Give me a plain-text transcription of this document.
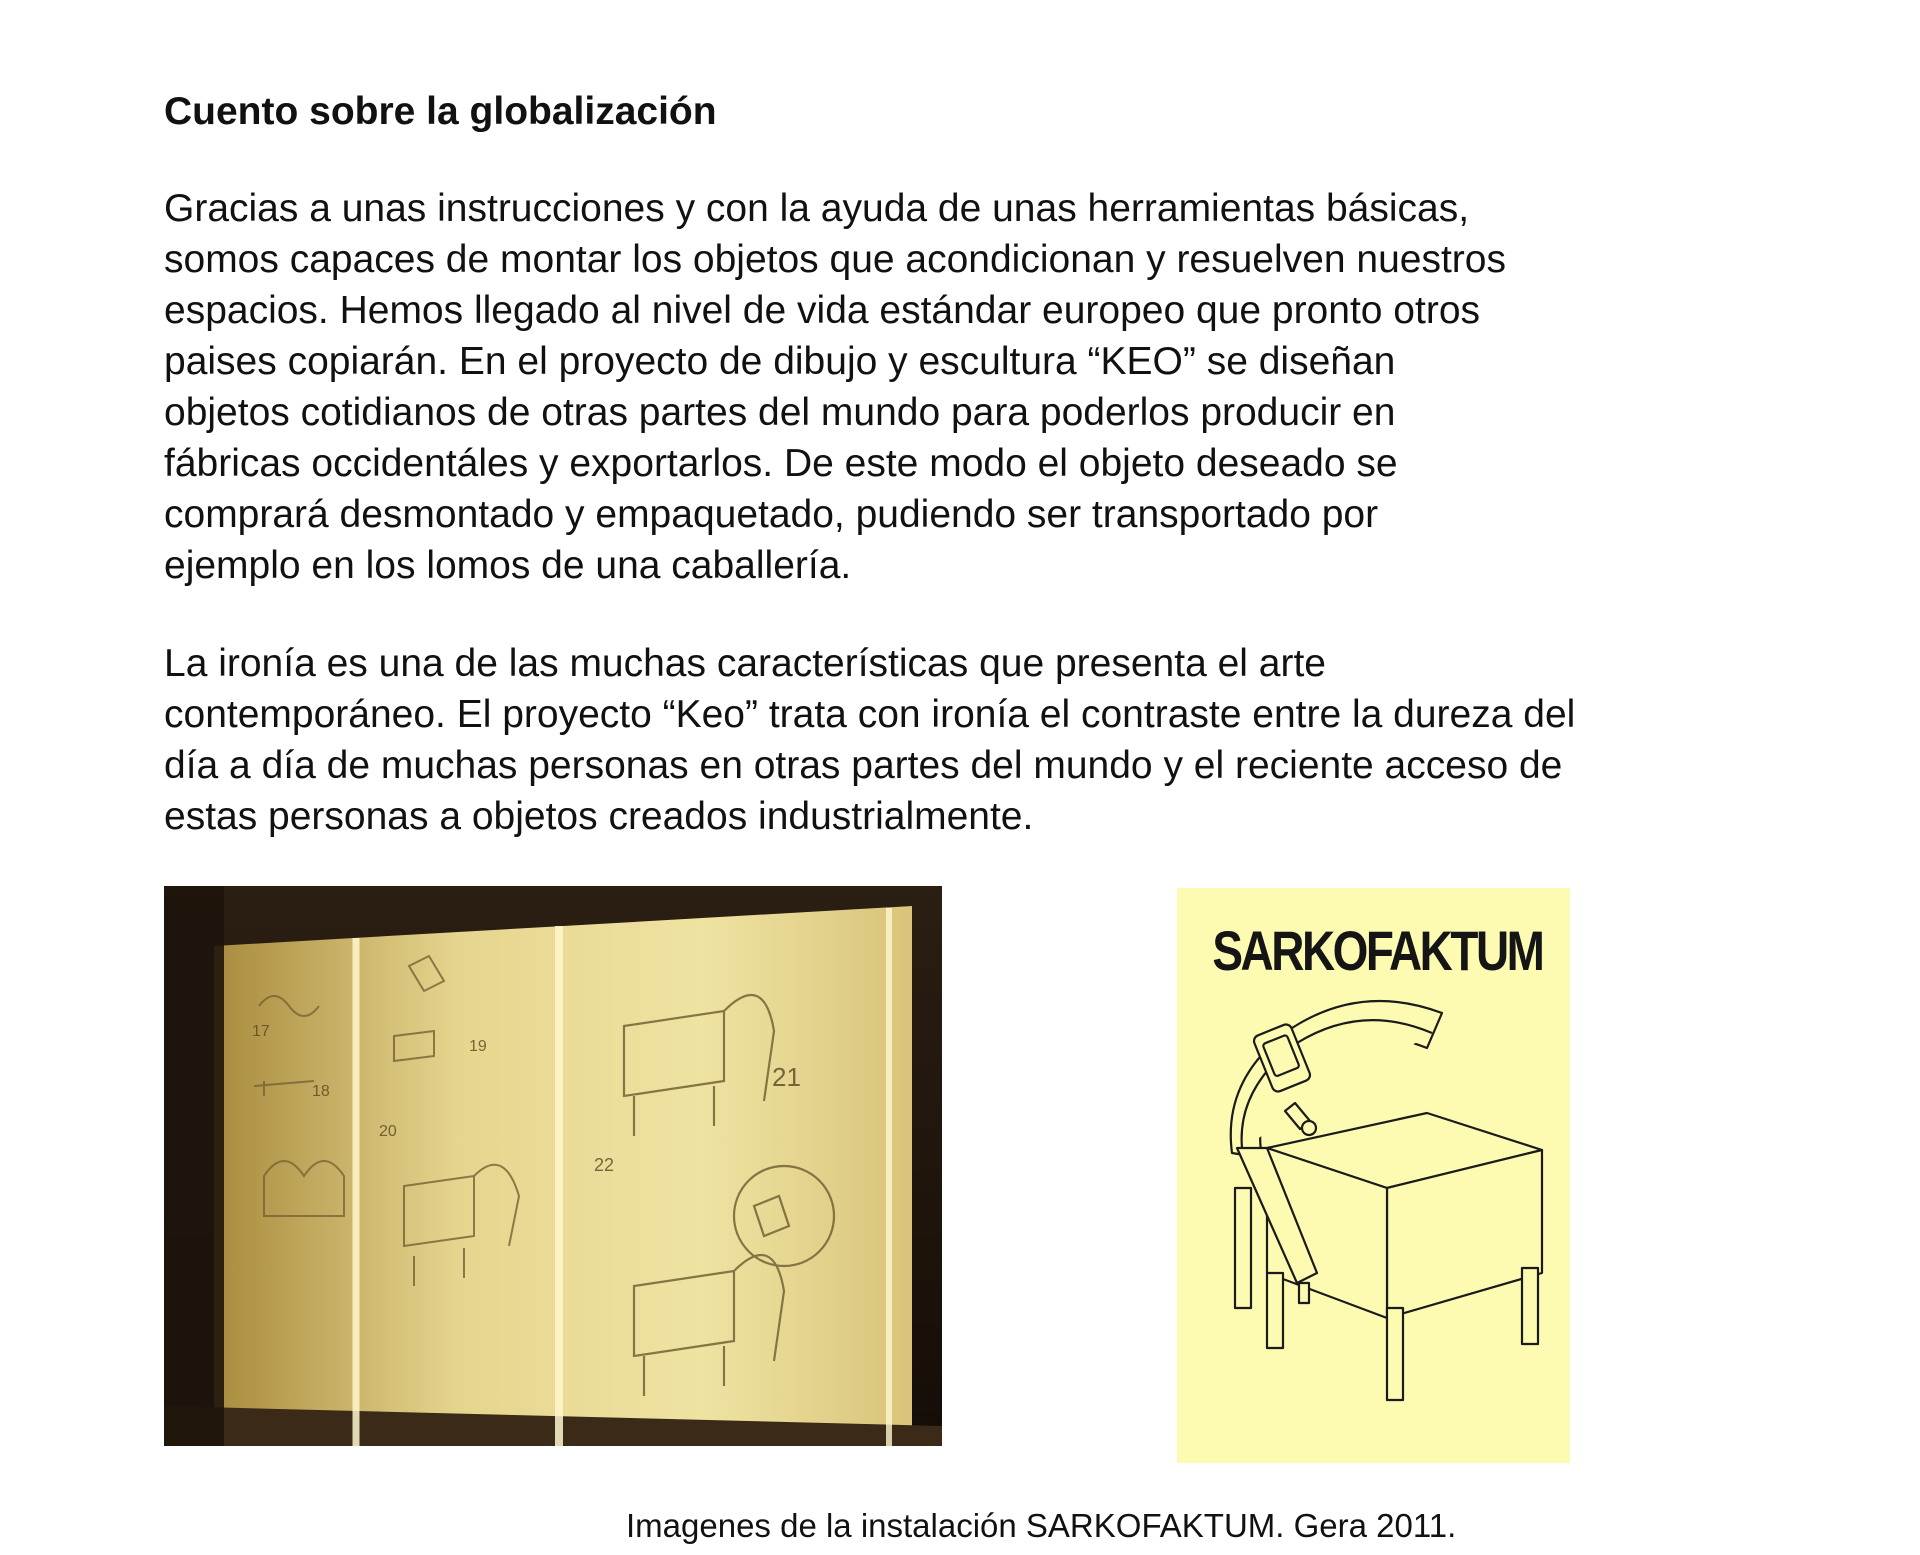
Cuento sobre la globalización

Gracias a unas instrucciones y con la ayuda de unas herramientas básicas,
somos capaces de montar los objetos que acondicionan y resuelven nuestros
espacios. Hemos llegado al nivel de vida estándar europeo que pronto otros
paises copiarán. En el proyecto de dibujo y escultura “KEO” se diseñan
objetos cotidianos de otras partes del mundo para poderlos producir en
fábricas occidentáles y exportarlos. De este modo el objeto deseado se
comprará desmontado y empaquetado, pudiendo ser transportado por
ejemplo en los lomos de una caballería.

La ironía es una de las muchas características que presenta el arte
contemporáneo. El proyecto “Keo” trata con ironía el contraste entre la dureza del
día a día de muchas personas en otras partes del mundo y el reciente acceso de
estas personas a objetos creados industrialmente.

17
18
19
20
21
22

SARKOFAKTUM

Imagenes de la instalación SARKOFAKTUM. Gera 2011.
